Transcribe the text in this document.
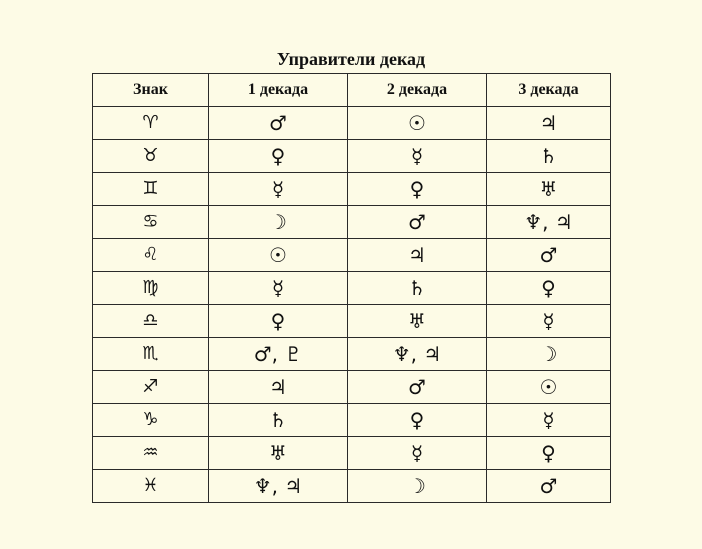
Управители декад
Знак	1 декада	2 декада	3 декада
♈	♂	☉	♃
♉	♀	☿	♄
♊	☿	♀	♅
♋	☽	♂	♆, ♃
♌	☉	♃	♂
♍	☿	♄	♀
♎	♀	♅	☿
♏	♂, ♇	♆, ♃	☽
♐	♃	♂	☉
♑	♄	♀	☿
♒	♅	☿	♀
♓	♆, ♃	☽	♂
